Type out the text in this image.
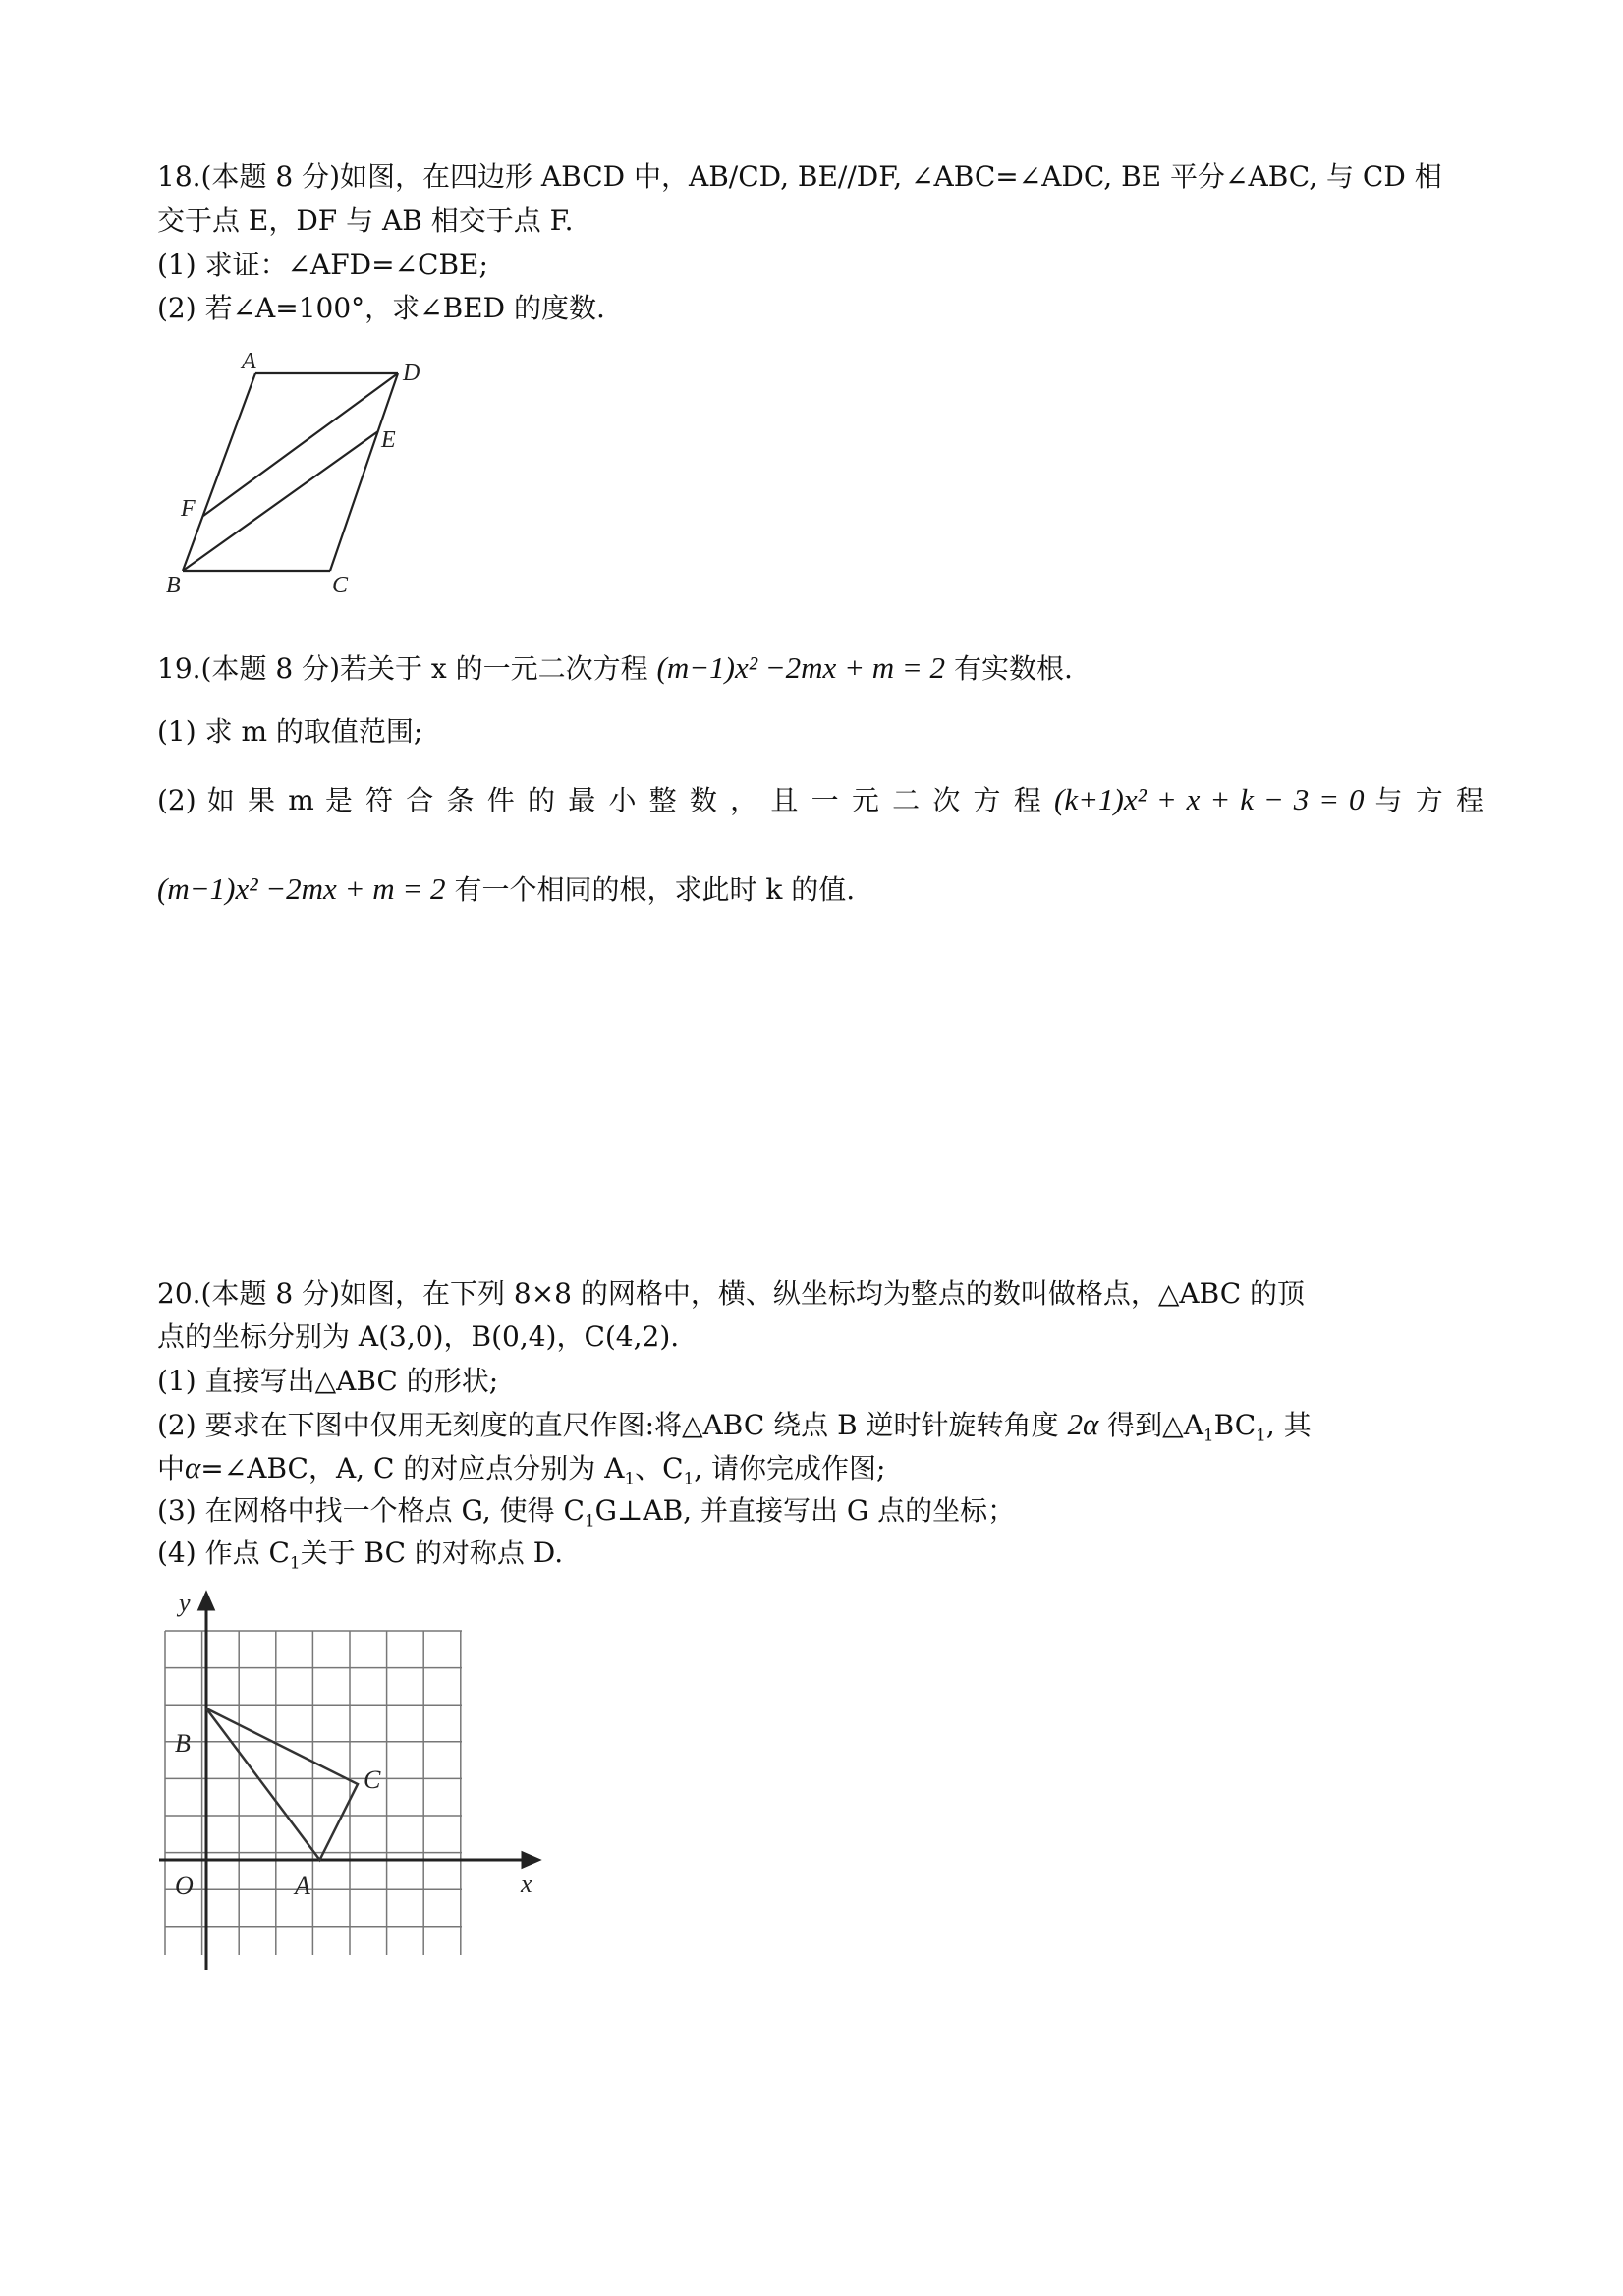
18.(本题 8 分)如图，在四边形 ABCD 中，AB/CD, BE//DF, ∠ABC=∠ADC, BE 平分∠ABC, 与 CD 相
交于点 E，DF 与 AB 相交于点 F.
(1) 求证：∠AFD=∠CBE;
(2) 若∠A=100°，求∠BED 的度数.
A	D
E
F
B	C
19.(本题 8 分)若关于 x 的一元二次方程 (m−1)x² −2mx + m = 2 有实数根.
(1) 求 m 的取值范围;
(2) 如 果 m 是 符 合 条 件 的 最 小 整 数 ， 且 一 元 二 次 方 程 (k+1)x² + x + k − 3 = 0 与 方 程
(m−1)x² −2mx + m = 2 有一个相同的根，求此时 k 的值.
20.(本题 8 分)如图，在下列 8×8 的网格中，横、纵坐标均为整点的数叫做格点，△ABC 的顶
点的坐标分别为 A(3,0)，B(0,4)，C(4,2).
(1) 直接写出△ABC 的形状;
(2) 要求在下图中仅用无刻度的直尺作图:将△ABC 绕点 B 逆时针旋转角度 2α 得到$\triangle A_1BC_1$, 其
中α=∠ABC，A, C 的对应点分别为 $A_1$、$C_1$, 请你完成作图;
(3) 在网格中找一个格点 G, 使得 $C_1G\perp AB$, 并直接写出 G 点的坐标；
(4) 作点 $C_1$关于 BC 的对称点 D.
y
x
O	A
B
C
